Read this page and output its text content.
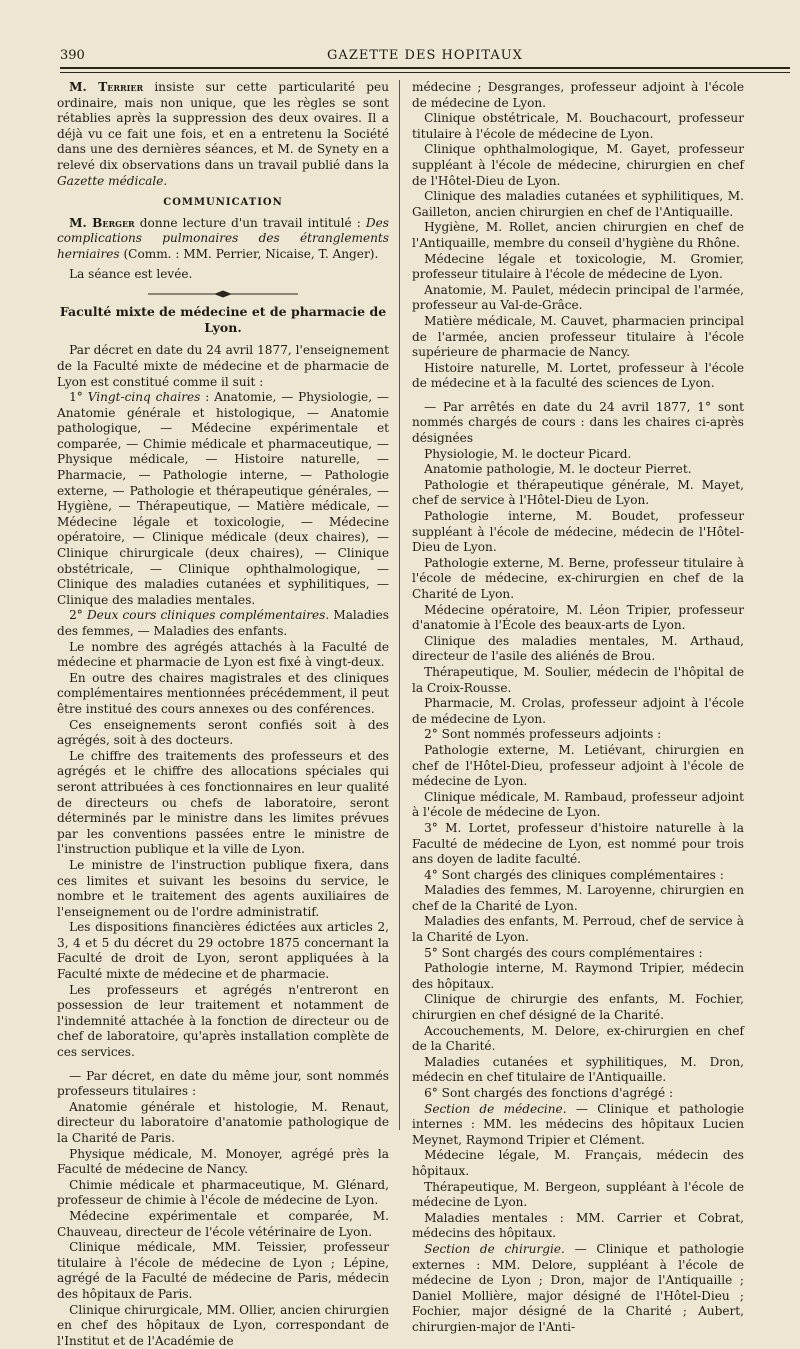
390	GAZETTE DES HOPITAUX

M. Terrier insiste sur cette particularité peu ordinaire, mais non unique, que les règles se sont rétablies après la suppression des deux ovaires. Il a déjà vu ce fait une fois, et en a entretenu la Société dans une des dernières séances, et M. de Synety en a relevé dix observations dans un travail publié dans la Gazette médicale.

COMMUNICATION

M. Berger donne lecture d'un travail intitulé : Des complications pulmonaires des étranglements herniaires (Comm. : MM. Perrier, Nicaise, T. Anger).

La séance est levée.

Faculté mixte de médecine et de pharmacie de Lyon.

Par décret en date du 24 avril 1877, l'enseignement de la Faculté mixte de médecine et de pharmacie de Lyon est constitué comme il suit :

1° Vingt-cinq chaires : Anatomie, — Physiologie, — Anatomie générale et histologique, — Anatomie pathologique, — Médecine expérimentale et comparée, — Chimie médicale et pharmaceutique, — Physique médicale, — Histoire naturelle, — Pharmacie, — Pathologie interne, — Pathologie externe, — Pathologie et thérapeutique générales, — Hygiène, — Thérapeutique, — Matière médicale, — Médecine légale et toxicologie, — Médecine opératoire, — Clinique médicale (deux chaires), — Clinique chirurgicale (deux chaires), — Clinique obstétricale, — Clinique ophthalmologique, — Clinique des maladies cutanées et syphilitiques, — Clinique des maladies mentales.

2° Deux cours cliniques complémentaires. Maladies des femmes, — Maladies des enfants.

Le nombre des agrégés attachés à la Faculté de médecine et pharmacie de Lyon est fixé à vingt-deux.

En outre des chaires magistrales et des cliniques complémentaires mentionnées précédemment, il peut être institué des cours annexes ou des conférences.

Ces enseignements seront confiés soit à des agrégés, soit à des docteurs.

Le chiffre des traitements des professeurs et des agrégés et le chiffre des allocations spéciales qui seront attribuées à ces fonctionnaires en leur qualité de directeurs ou chefs de laboratoire, seront déterminés par le ministre dans les limites prévues par les conventions passées entre le ministre de l'instruction publique et la ville de Lyon.

Le ministre de l'instruction publique fixera, dans ces limites et suivant les besoins du service, le nombre et le traitement des agents auxiliaires de l'enseignement ou de l'ordre administratif.

Les dispositions financières édictées aux articles 2, 3, 4 et 5 du décret du 29 octobre 1875 concernant la Faculté de droit de Lyon, seront appliquées à la Faculté mixte de médecine et de pharmacie.

Les professeurs et agrégés n'entreront en possession de leur traitement et notamment de l'indemnité attachée à la fonction de directeur ou de chef de laboratoire, qu'après installation complète de ces services.

— Par décret, en date du même jour, sont nommés professeurs titulaires :

Anatomie générale et histologie, M. Renaut, directeur du laboratoire d'anatomie pathologique de la Charité de Paris.

Physique médicale, M. Monoyer, agrégé près la Faculté de médecine de Nancy.

Chimie médicale et pharmaceutique, M. Glénard, professeur de chimie à l'école de médecine de Lyon.

Médecine expérimentale et comparée, M. Chauveau, directeur de l'école vétérinaire de Lyon.

Clinique médicale, MM. Teissier, professeur titulaire à l'école de médecine de Lyon ; Lépine, agrégé de la Faculté de médecine de Paris, médecin des hôpitaux de Paris.

Clinique chirurgicale, MM. Ollier, ancien chirurgien en chef des hôpitaux de Lyon, correspondant de l'Institut et de l'Académie de

médecine ; Desgranges, professeur adjoint à l'école de médecine de Lyon.

Clinique obstétricale, M. Bouchacourt, professeur titulaire à l'école de médecine de Lyon.

Clinique ophthalmologique, M. Gayet, professeur suppléant à l'école de médecine, chirurgien en chef de l'Hôtel-Dieu de Lyon.

Clinique des maladies cutanées et syphilitiques, M. Gailleton, ancien chirurgien en chef de l'Antiquaille.

Hygiène, M. Rollet, ancien chirurgien en chef de l'Antiquaille, membre du conseil d'hygiène du Rhône.

Médecine légale et toxicologie, M. Gromier, professeur titulaire à l'école de médecine de Lyon.

Anatomie, M. Paulet, médecin principal de l'armée, professeur au Val-de-Grâce.

Matière médicale, M. Cauvet, pharmacien principal de l'armée, ancien professeur titulaire à l'école supérieure de pharmacie de Nancy.

Histoire naturelle, M. Lortet, professeur à l'école de médecine et à la faculté des sciences de Lyon.

— Par arrêtés en date du 24 avril 1877, 1° sont nommés chargés de cours : dans les chaires ci-après désignées

Physiologie, M. le docteur Picard.

Anatomie pathologie, M. le docteur Pierret.

Pathologie et thérapeutique générale, M. Mayet, chef de service à l'Hôtel-Dieu de Lyon.

Pathologie interne, M. Boudet, professeur suppléant à l'école de médecine, médecin de l'Hôtel-Dieu de Lyon.

Pathologie externe, M. Berne, professeur titulaire à l'école de médecine, ex-chirurgien en chef de la Charité de Lyon.

Médecine opératoire, M. Léon Tripier, professeur d'anatomie à l'École des beaux-arts de Lyon.

Clinique des maladies mentales, M. Arthaud, directeur de l'asile des aliénés de Brou.

Thérapeutique, M. Soulier, médecin de l'hôpital de la Croix-Rousse.

Pharmacie, M. Crolas, professeur adjoint à l'école de médecine de Lyon.

2° Sont nommés professeurs adjoints :

Pathologie externe, M. Letiévant, chirurgien en chef de l'Hôtel-Dieu, professeur adjoint à l'école de médecine de Lyon.

Clinique médicale, M. Rambaud, professeur adjoint à l'école de médecine de Lyon.

3° M. Lortet, professeur d'histoire naturelle à la Faculté de médecine de Lyon, est nommé pour trois ans doyen de ladite faculté.

4° Sont chargés des cliniques complémentaires :

Maladies des femmes, M. Laroyenne, chirurgien en chef de la Charité de Lyon.

Maladies des enfants, M. Perroud, chef de service à la Charité de Lyon.

5° Sont chargés des cours complémentaires :

Pathologie interne, M. Raymond Tripier, médecin des hôpitaux.

Clinique de chirurgie des enfants, M. Fochier, chirurgien en chef désigné de la Charité.

Accouchements, M. Delore, ex-chirurgien en chef de la Charité.

Maladies cutanées et syphilitiques, M. Dron, médecin en chef titulaire de l'Antiquaille.

6° Sont chargés des fonctions d'agrégé :

Section de médecine. — Clinique et pathologie internes : MM. les médecins des hôpitaux Lucien Meynet, Raymond Tripier et Clément.

Médecine légale, M. Français, médecin des hôpitaux.

Thérapeutique, M. Bergeon, suppléant à l'école de médecine de Lyon.

Maladies mentales : MM. Carrier et Cobrat, médecins des hôpitaux.

Section de chirurgie. — Clinique et pathologie externes : MM. Delore, suppléant à l'école de médecine de Lyon ; Dron, major de l'Antiquaille ; Daniel Mollière, major désigné de l'Hôtel-Dieu ; Fochier, major désigné de la Charité ; Aubert, chirurgien-major de l'Anti-
